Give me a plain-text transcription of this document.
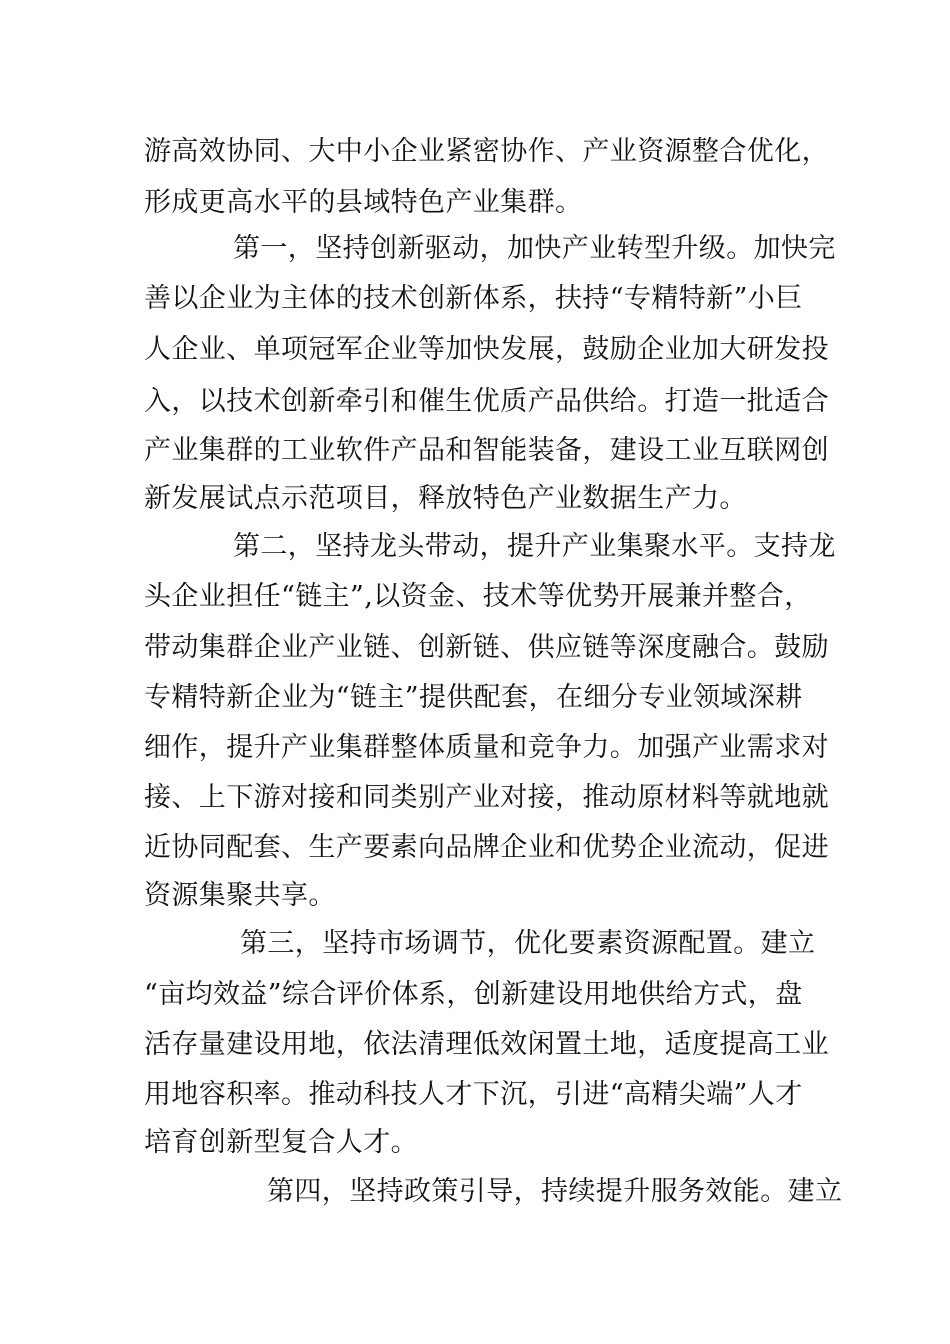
游高效协同、大中小企业紧密协作、产业资源整合优化，
形成更高水平的县域特色产业集群。
第一，坚持创新驱动，加快产业转型升级。加快完
善以企业为主体的技术创新体系，扶持“专精特新”小巨
人企业、单项冠军企业等加快发展，鼓励企业加大研发投
入，以技术创新牵引和催生优质产品供给。打造一批适合
产业集群的工业软件产品和智能装备，建设工业互联网创
新发展试点示范项目，释放特色产业数据生产力。
第二，坚持龙头带动，提升产业集聚水平。支持龙
头企业担任“链主”,以资金、技术等优势开展兼并整合，
带动集群企业产业链、创新链、供应链等深度融合。鼓励
专精特新企业为“链主”提供配套，在细分专业领域深耕
细作，提升产业集群整体质量和竞争力。加强产业需求对
接、上下游对接和同类别产业对接，推动原材料等就地就
近协同配套、生产要素向品牌企业和优势企业流动，促进
资源集聚共享。
第三，坚持市场调节，优化要素资源配置。建立
“亩均效益”综合评价体系，创新建设用地供给方式，盘
活存量建设用地，依法清理低效闲置土地，适度提高工业
用地容积率。推动科技人才下沉，引进“高精尖端”人才
培育创新型复合人才。
第四，坚持政策引导，持续提升服务效能。建立
